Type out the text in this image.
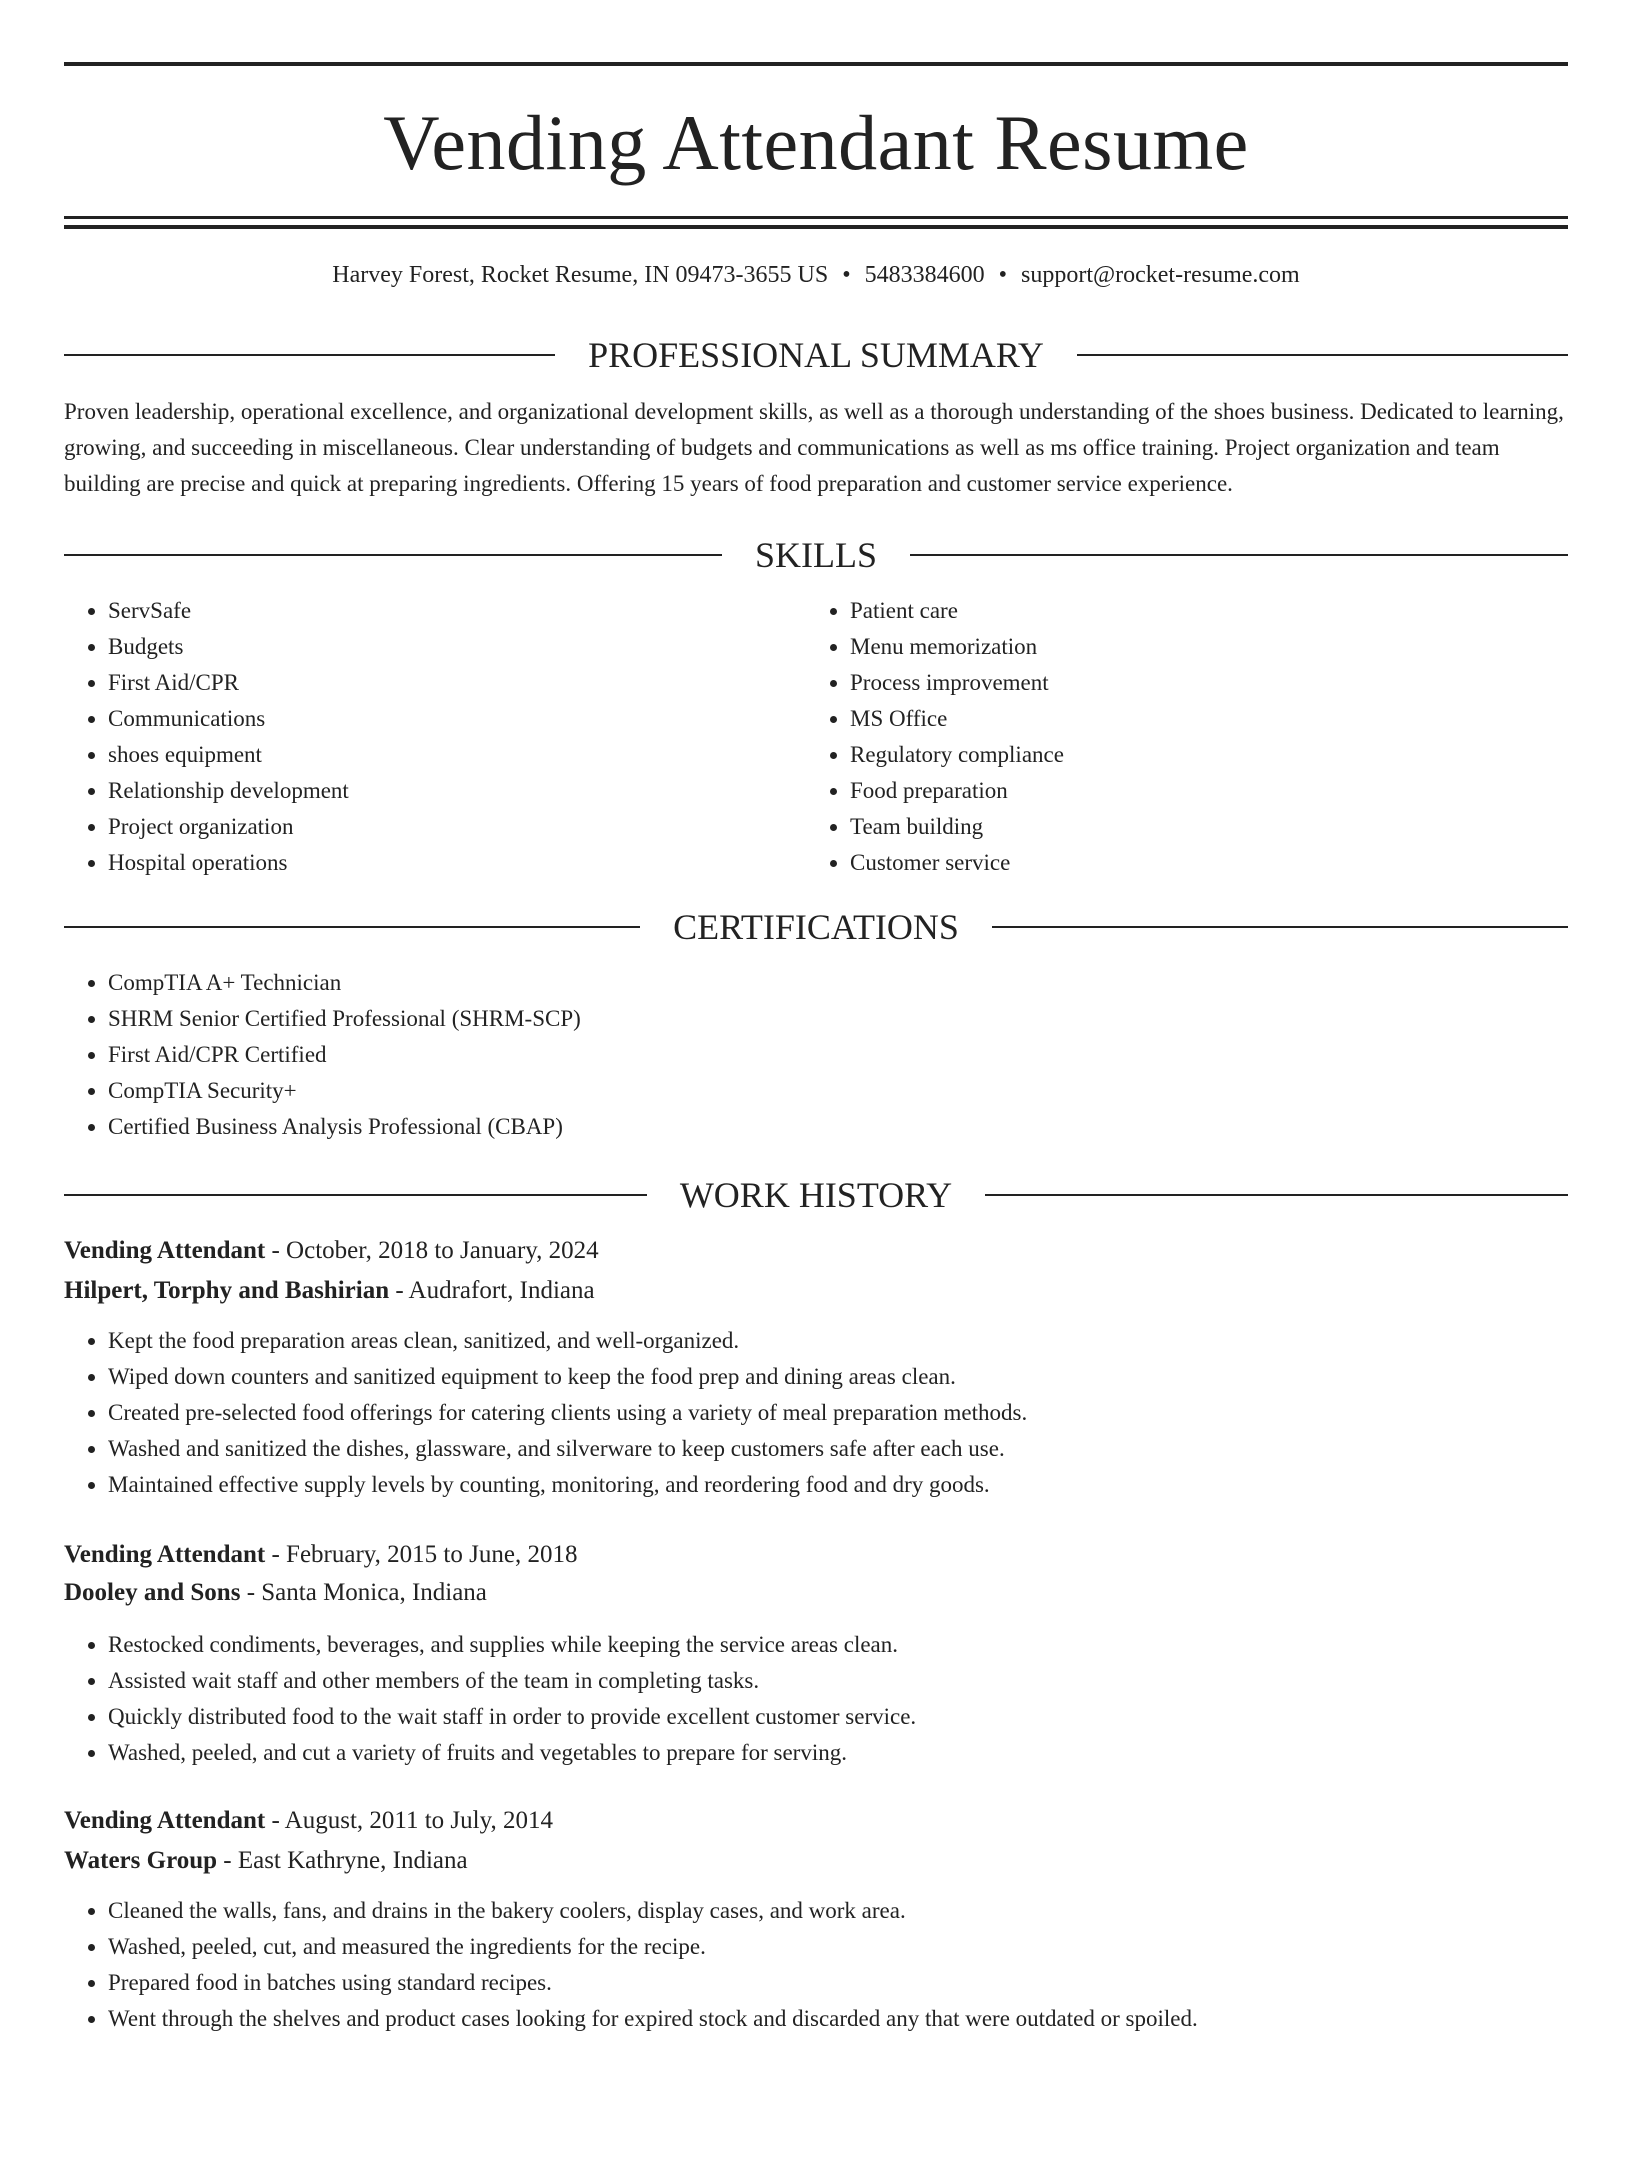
Vending Attendant Resume
Harvey Forest, Rocket Resume, IN 09473-3655 US • 5483384600 • support@rocket-resume.com
PROFESSIONAL SUMMARY

Proven leadership, operational excellence, and organizational development skills, as well as a thorough understanding of the shoes business. Dedicated to learning, growing, and succeeding in miscellaneous. Clear understanding of budgets and communications as well as ms office training. Project organization and team building are precise and quick at preparing ingredients. Offering 15 years of food preparation and customer service experience.

SKILLS
• ServSafe
• Budgets
• First Aid/CPR
• Communications
• shoes equipment
• Relationship development
• Project organization
• Hospital operations
• Patient care
• Menu memorization
• Process improvement
• MS Office
• Regulatory compliance
• Food preparation
• Team building
• Customer service
CERTIFICATIONS
• CompTIA A+ Technician
• SHRM Senior Certified Professional (SHRM-SCP)
• First Aid/CPR Certified
• CompTIA Security+
• Certified Business Analysis Professional (CBAP)
WORK HISTORY
Vending Attendant - October, 2018 to January, 2024
Hilpert, Torphy and Bashirian - Audrafort, Indiana
• Kept the food preparation areas clean, sanitized, and well-organized.
• Wiped down counters and sanitized equipment to keep the food prep and dining areas clean.
• Created pre-selected food offerings for catering clients using a variety of meal preparation methods.
• Washed and sanitized the dishes, glassware, and silverware to keep customers safe after each use.
• Maintained effective supply levels by counting, monitoring, and reordering food and dry goods.
Vending Attendant - February, 2015 to June, 2018
Dooley and Sons - Santa Monica, Indiana
• Restocked condiments, beverages, and supplies while keeping the service areas clean.
• Assisted wait staff and other members of the team in completing tasks.
• Quickly distributed food to the wait staff in order to provide excellent customer service.
• Washed, peeled, and cut a variety of fruits and vegetables to prepare for serving.
Vending Attendant - August, 2011 to July, 2014
Waters Group - East Kathryne, Indiana
• Cleaned the walls, fans, and drains in the bakery coolers, display cases, and work area.
• Washed, peeled, cut, and measured the ingredients for the recipe.
• Prepared food in batches using standard recipes.
• Went through the shelves and product cases looking for expired stock and discarded any that were outdated or spoiled.
